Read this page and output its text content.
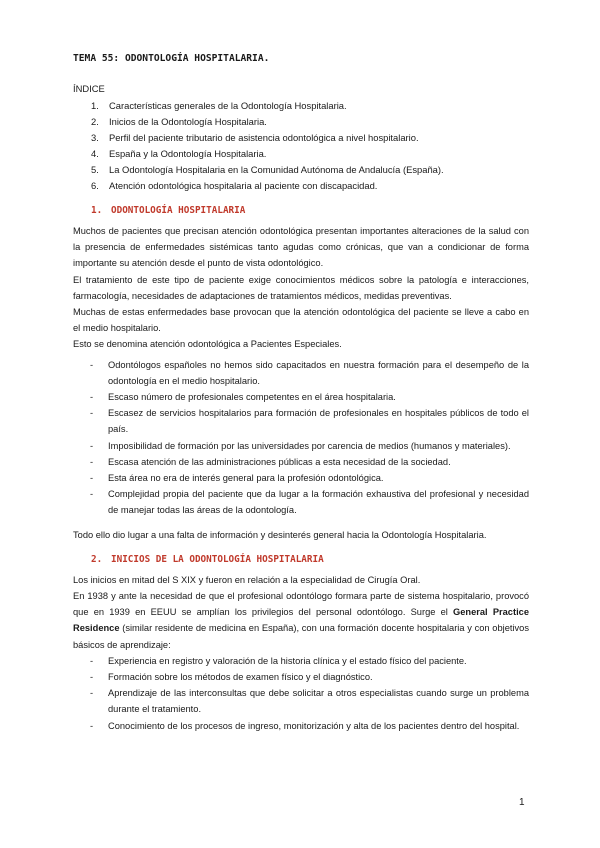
TEMA 55: ODONTOLOGÍA HOSPITALARIA.
ÍNDICE
1.	Características generales de la Odontología Hospitalaria.
2.	Inicios de la Odontología Hospitalaria.
3.	Perfil del paciente tributario de asistencia odontológica a nivel hospitalario.
4.	España y la Odontología Hospitalaria.
5.	La Odontología Hospitalaria en la Comunidad Autónoma de Andalucía (España).
6.	Atención odontológica hospitalaria al paciente con discapacidad.
1. ODONTOLOGÍA HOSPITALARIA

Muchos de pacientes que precisan atención odontológica presentan importantes alteraciones de la salud con la presencia de enfermedades sistémicas tanto agudas como crónicas, que van a condicionar de forma importante su atención desde el punto de vista odontológico.

El tratamiento de este tipo de paciente exige conocimientos médicos sobre la patología e interacciones, farmacología, necesidades de adaptaciones de tratamientos médicos, medidas preventivas.

Muchas de estas enfermedades base provocan que la atención odontológica del paciente se lleve a cabo en el medio hospitalario.

Esto se denomina atención odontológica a Pacientes Especiales.

- Odontólogos españoles no hemos sido capacitados en nuestra formación para el desempeño de la odontología en el medio hospitalario.
- Escaso número de profesionales competentes en el área hospitalaria.
- Escasez de servicios hospitalarios para formación de profesionales en hospitales públicos de todo el país.
- Imposibilidad de formación por las universidades por carencia de medios (humanos y materiales).
- Escasa atención de las administraciones públicas a esta necesidad de la sociedad.
- Esta área no era de interés general para la profesión odontológica.
- Complejidad propia del paciente que da lugar a la formación exhaustiva del profesional y necesidad de manejar todas las áreas de la odontología.

Todo ello dio lugar a una falta de información y desinterés general hacia la Odontología Hospitalaria.

2. INICIOS DE LA ODONTOLOGÍA HOSPITALARIA

Los inicios en mitad del S XIX y fueron en relación a la especialidad de Cirugía Oral.

En 1938 y ante la necesidad de que el profesional odontólogo formara parte de sistema hospitalario, provocó que en 1939 en EEUU se amplían los privilegios del personal odontólogo. Surge el General Practice Residence (similar residente de medicina en España), con una formación docente hospitalaria y con objetivos básicos de aprendizaje:

- Experiencia en registro y valoración de la historia clínica y el estado físico del paciente.
- Formación sobre los métodos de examen físico y el diagnóstico.
- Aprendizaje de las interconsultas que debe solicitar a otros especialistas cuando surge un problema durante el tratamiento.
- Conocimiento de los procesos de ingreso, monitorización y alta de los pacientes dentro del hospital.
1
